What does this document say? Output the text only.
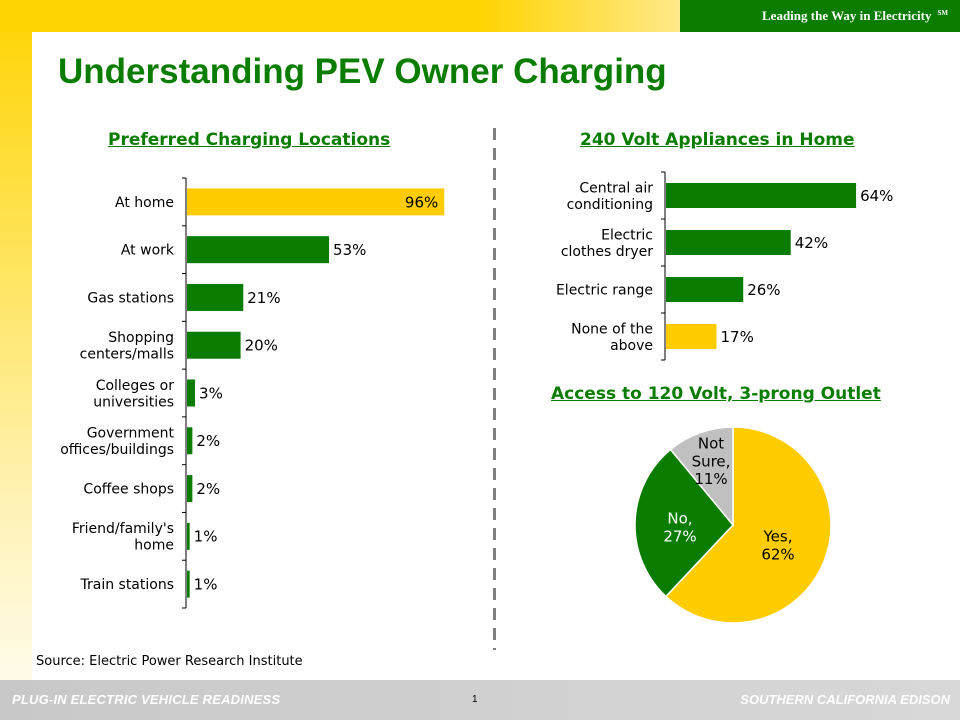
Leading the Way in Electricity ℠
Understanding PEV Owner Charging
Preferred Charging Locations	240 Volt Appliances in Home
Access to 120 Volt, 3-prong Outlet
At home	96%
At work	53%
Gas stations	21%
Shopping centers/malls	20%
Colleges or universities 3%
Government offices/buildings 2%
Coffee shops 2%
Friend/family's home 1%
Train stations 1%
Central air conditioning	64%
Electric clothes dryer	42%
Electric range	26%
None of the above	17%
Yes, 62%
No, 27%
Not Sure, 11%
Source: Electric Power Research Institute
PLUG-IN ELECTRIC VEHICLE READINESS	1	SOUTHERN CALIFORNIA EDISON
